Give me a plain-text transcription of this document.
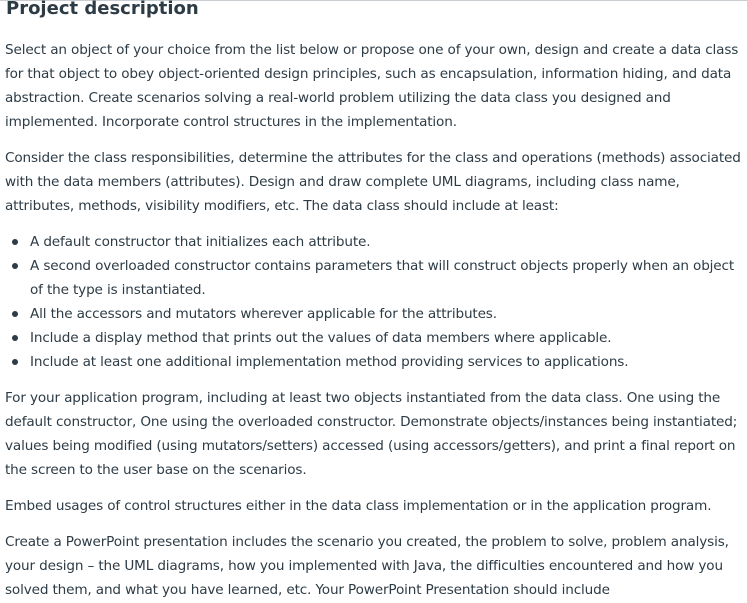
Project description

Select an object of your choice from the list below or propose one of your own, design and create a data class for that object to obey object-oriented design principles, such as encapsulation, information hiding, and data abstraction. Create scenarios solving a real-world problem utilizing the data class you designed and implemented. Incorporate control structures in the implementation.

Consider the class responsibilities, determine the attributes for the class and operations (methods) associated with the data members (attributes). Design and draw complete UML diagrams, including class name, attributes, methods, visibility modifiers, etc. The data class should include at least:

A default constructor that initializes each attribute.
A second overloaded constructor contains parameters that will construct objects properly when an object of the type is instantiated.
All the accessors and mutators wherever applicable for the attributes.
Include a display method that prints out the values of data members where applicable.
Include at least one additional implementation method providing services to applications.

For your application program, including at least two objects instantiated from the data class. One using the default constructor, One using the overloaded constructor. Demonstrate objects/instances being instantiated; values being modified (using mutators/setters) accessed (using accessors/getters), and print a final report on the screen to the user base on the scenarios.

Embed usages of control structures either in the data class implementation or in the application program.

Create a PowerPoint presentation includes the scenario you created, the problem to solve, problem analysis, your design – the UML diagrams, how you implemented with Java, the difficulties encountered and how you solved them, and what you have learned, etc. Your PowerPoint Presentation should include
